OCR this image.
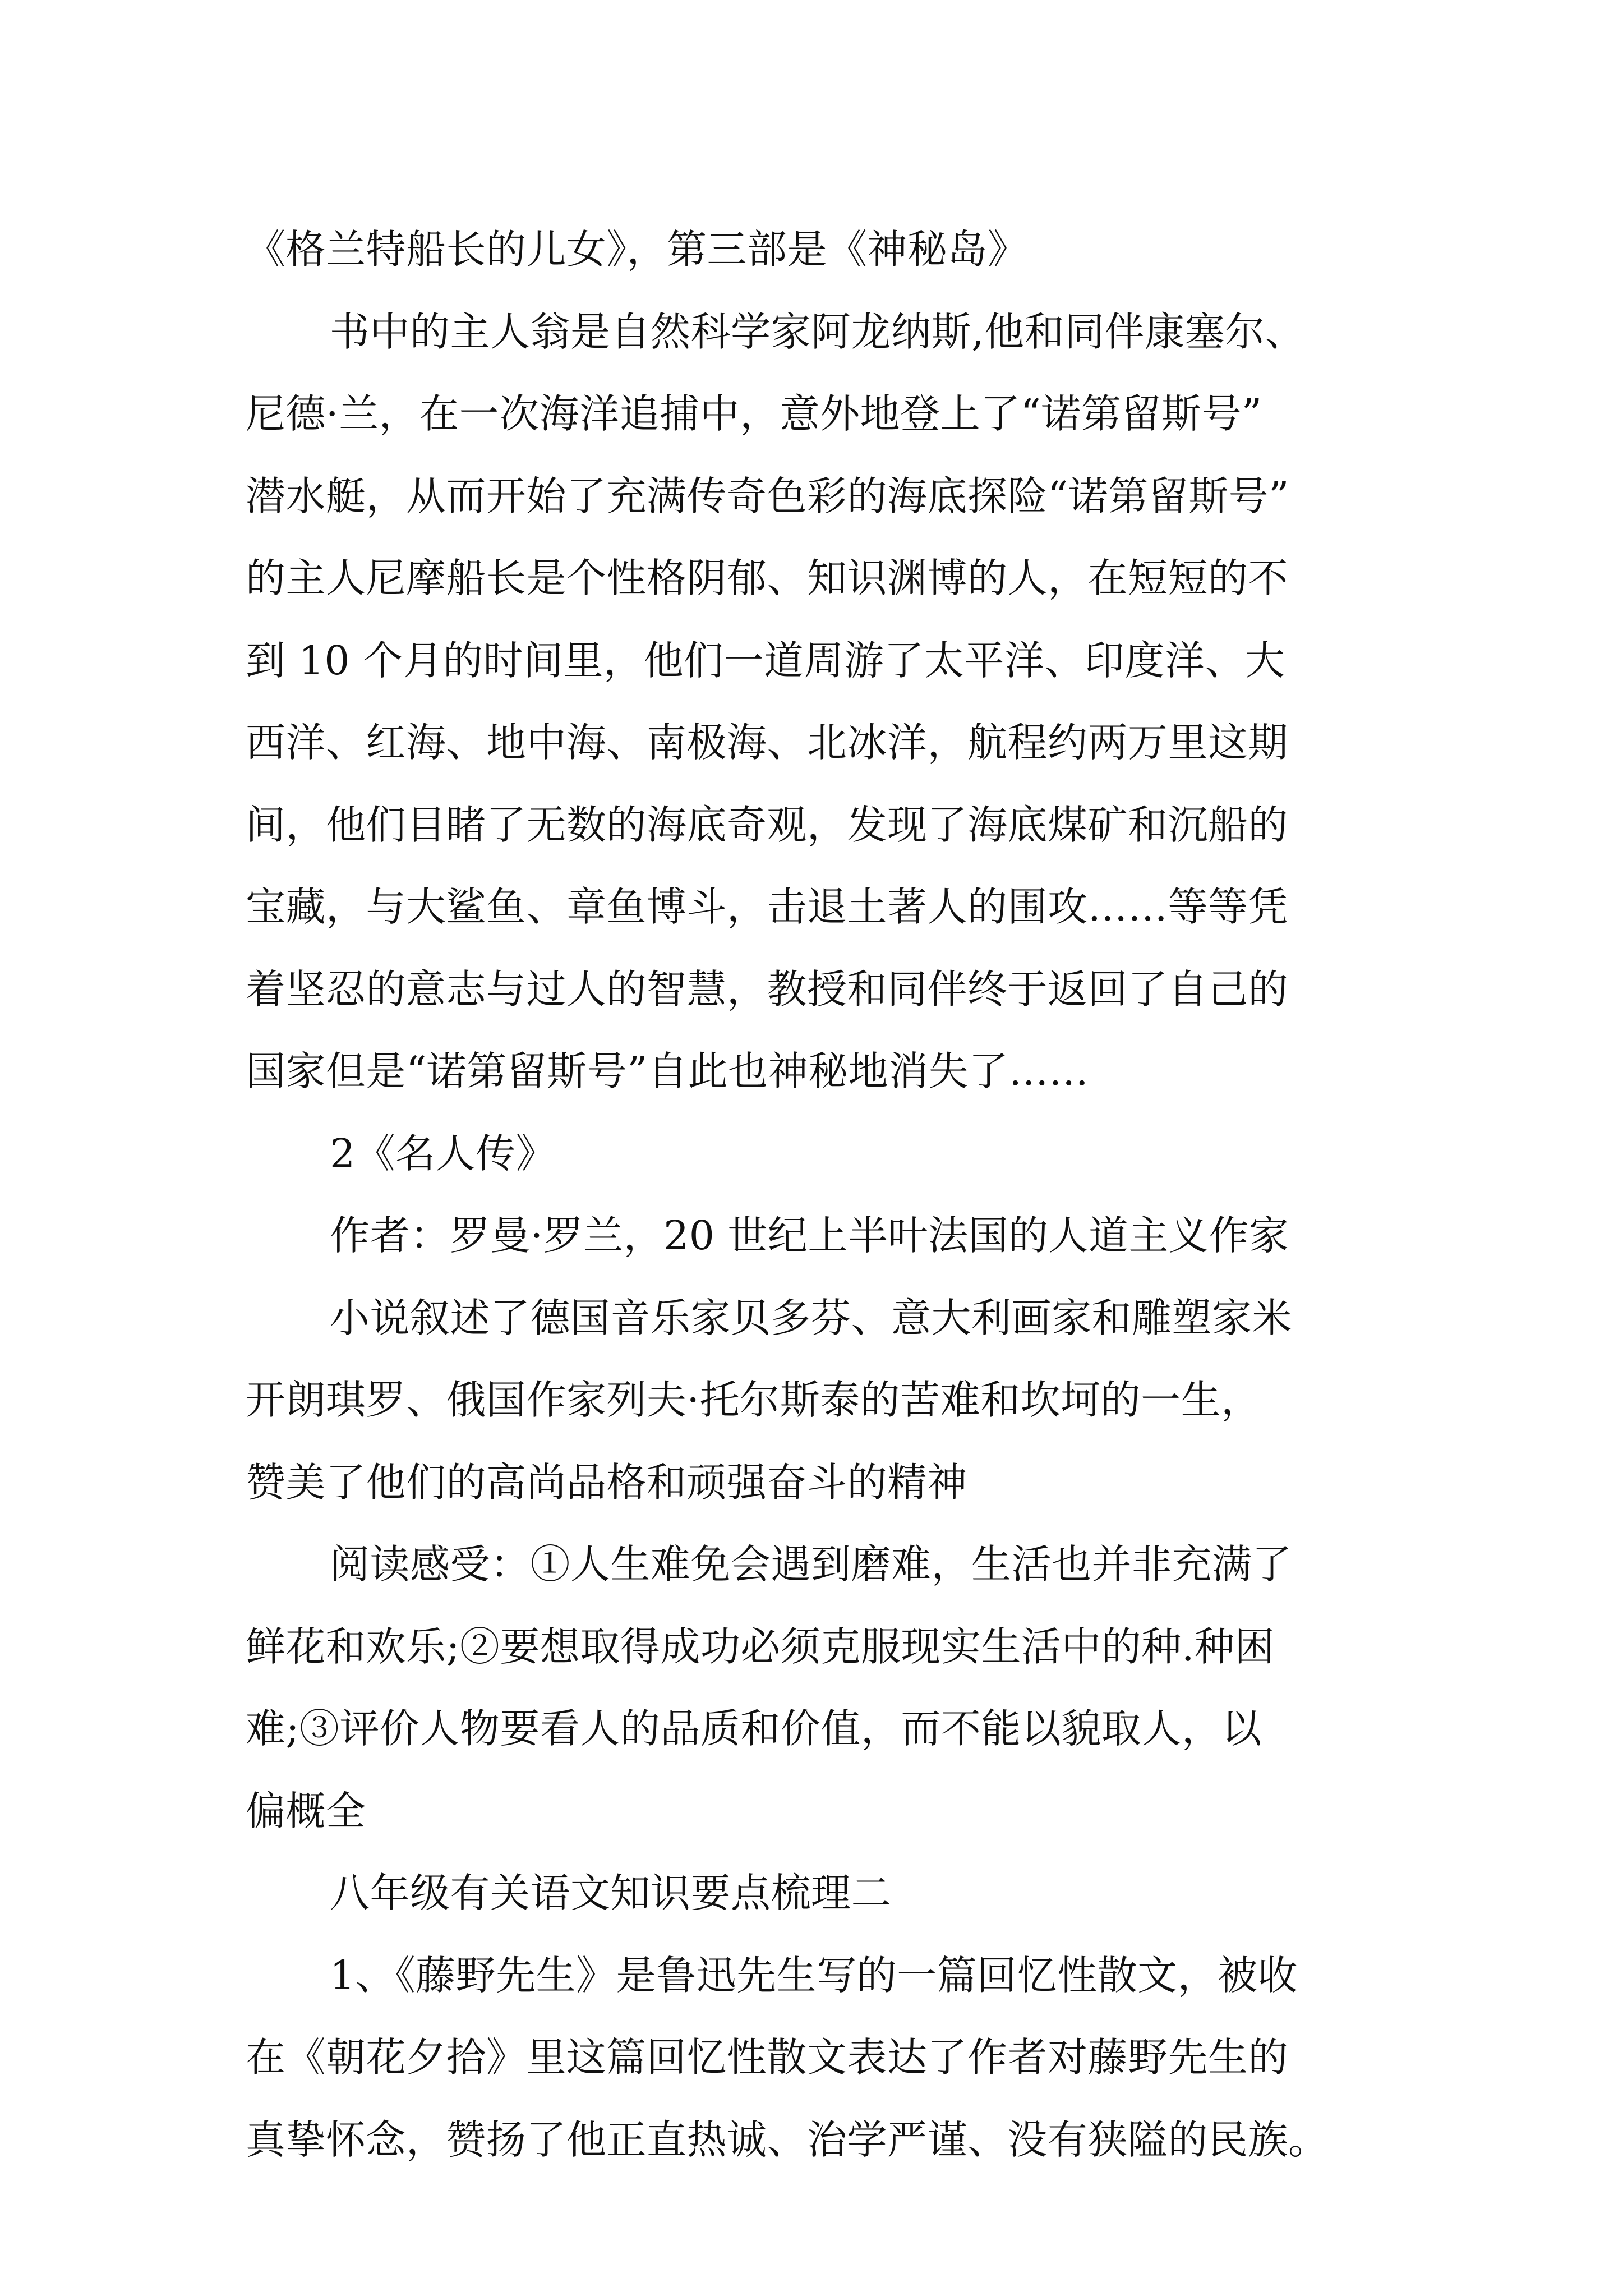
《格兰特船长的儿女》，第三部是《神秘岛》
书中的主人翁是自然科学家阿龙纳斯,他和同伴康塞尔、
尼德·兰，在一次海洋追捕中，意外地登上了“诺第留斯号”
潜水艇，从而开始了充满传奇色彩的海底探险“诺第留斯号”
的主人尼摩船长是个性格阴郁、知识渊博的人，在短短的不
到 10 个月的时间里，他们一道周游了太平洋、印度洋、大
西洋、红海、地中海、南极海、北冰洋，航程约两万里这期
间，他们目睹了无数的海底奇观，发现了海底煤矿和沉船的
宝藏，与大鲨鱼、章鱼博斗，击退土著人的围攻……等等凭
着坚忍的意志与过人的智慧，教授和同伴终于返回了自己的
国家但是“诺第留斯号”自此也神秘地消失了……
2《名人传》
作者：罗曼·罗兰，20 世纪上半叶法国的人道主义作家
小说叙述了德国音乐家贝多芬、意大利画家和雕塑家米
开朗琪罗、俄国作家列夫·托尔斯泰的苦难和坎坷的一生，
赞美了他们的高尚品格和顽强奋斗的精神
阅读感受：①人生难免会遇到磨难，生活也并非充满了
鲜花和欢乐;②要想取得成功必须克服现实生活中的种.种困
难;③评价人物要看人的品质和价值，而不能以貌取人，以
偏概全
八年级有关语文知识要点梳理二
1、《藤野先生》是鲁迅先生写的一篇回忆性散文，被收
在《朝花夕拾》里这篇回忆性散文表达了作者对藤野先生的
真挚怀念，赞扬了他正直热诚、治学严谨、没有狭隘的民族。
